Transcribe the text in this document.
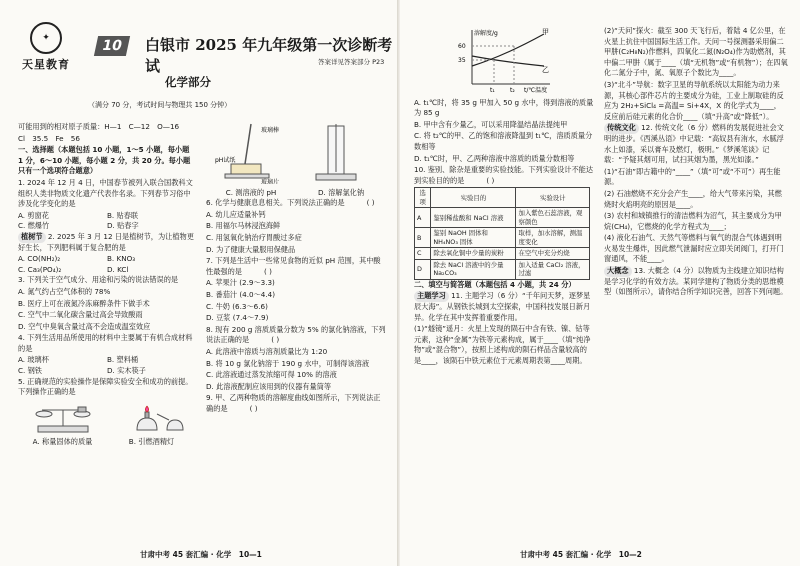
✦
天星教育
10	白银市 2025 年九年级第一次诊断考试	答案详见答案部分 P23
化学部分
（满分 70 分，考试时间与物理共 150 分钟）

可能用到的相对原子质量：H—1　C—12　O—16

Cl　35.5　Fe　56

一、选择题（本题包括 10 小题，1～5 小题，每小题 1 分，6～10 小题，每小题 2 分，共 20 分。每小题只有一个选项符合题意）

1. 2024 年 12 月 4 日，中国春节被列入联合国教科文组织人类非物质文化遗产代表作名录。下列春节习俗中涉及化学变化的是

A. 剪窗花	B. 贴春联
C. 燃爆竹	D. 贴春字

植树节 2. 2025 年 3 月 12 日是植树节，为让植物更好生长，下列肥料属于复合肥的是

A. CO(NH₂)₂	B. KNO₃
C. Ca₃(PO₄)₂	D. KCl

3. 下列关于空气成分、用途和污染的说法错误的是

A. 氮气约占空气体积的 78%

B. 医疗上可在液氮冷冻麻醉条件下做手术

C. 空气中二氧化碳含量过高会导致酸雨

D. 空气中臭氧含量过高不会造成温室效应

4. 下列生活用品所使用的材料中主要属于有机合成材料的是

A. 玻璃杯	B. 塑料桶
C. 钢铁	D. 实木筷子

5. 正确规范的实验操作是保障实验安全和成功的前提。下列操作正确的是

A. 称量固体的质量	B. 引燃酒精灯
玻璃棒
pH试纸
玻璃片
C. 测溶液的 pH	D. 溶解氯化钠

6. 化学与健康息息相关。下列说法正确的是	( )

A. 幼儿应适量补钙

B. 用福尔马林浸泡海鲜

C. 用氢氧化钠治疗胃酸过多症

D. 为了健康大量服用保健品

7. 下列是生活中一些常见食物的近似 pH 范围，其中酸性最强的是	( )

A. 苹果汁 (2.9～3.3)

B. 番茄汁 (4.0～4.4)

C. 牛奶 (6.3～6.6)

D. 豆浆 (7.4～7.9)

8. 现有 200 g 溶质质量分数为 5% 的氯化钠溶液，下列说法正确的是	( )

A. 此溶液中溶质与溶剂质量比为 1:20

B. 将 10 g 氯化钠溶于 190 g 水中，可制得该溶液

C. 此溶液通过蒸发浓缩可得 10% 的溶液

D. 此溶液配制应该用到的仪器有量筒等

9. 甲、乙两种物质的溶解度曲线如图所示，下列说法正确的是	( )

甘肃中考 45 套汇编 · 化学　10—1
溶解度/g
60
35
t₁	t₂ t/℃温度
甲
乙

A. t₁℃时，将 35 g 甲加入 50 g 水中，得到溶液的质量为 85 g

B. 甲中含有少量乙，可以采用降温结晶法提纯甲

C. 将 t₂℃的甲、乙的饱和溶液降温到 t₁℃，溶质质量分数相等

D. t₁℃时，甲、乙两种溶液中溶质的质量分数相等

10. 鉴别、除杂是重要的实验技能。下列实验设计不能达到实验目的的是	( )

选项	实验目的	实验设计
A	鉴别稀盐酸和 NaCl 溶液	加入紫色石蕊溶液，观察颜色
B	鉴别 NaOH 固体和 NH₄NO₃ 固体	取样，加水溶解，测温度变化
C	除去氧化铜中少量的炭粉	在空气中充分灼烧
D	除去 NaCl 溶液中的少量 Na₂CO₃	加入适量 CaCl₂ 溶液，过滤

二、填空与简答题（本题包括 4 小题，共 24 分）

主题学习 11. 主题学习（6 分）“千年问天梦，逐梦星辰大海”。从钢铁长城到太空探索，中国科技发展日新月异。化学在其中发挥着重要作用。

(1)“燧镜”遥月：火星上发现的陨石中含有铁、镍、钴等元素，这种“金属”为铁等元素构成，属于____（填“纯净物”或“混合物”），按照上述构成的陨石样品含量较高的是____，该陨石中铁元素位于元素周期表第____周期。

(2)“天问”探火：截至 300 天飞行后，着陆 4 亿公里，在火星上抗住中国国际生活工作。天问一号探测器采用偏二甲肼(C₂H₈N₂)作燃料，四氧化二氮(N₂O₄)作为助燃剂，其中偏二甲肼（属于____（填“无机物”或“有机物”）；在四氧化二氮分子中，氮、氧原子个数比为____。

(3)“北斗”导航：数字卫星的导航系统以太阳能为动力来源，其核心部件芯片的主要成分为硅，工业上制取硅的反应为 2H₂+SiCl₄ =高温= Si+4X，X 的化学式为____，反应前后硅元素的化合价____（填“升高”或“降低”）。

传统文化 12. 传统文化（6 分）燃料的发展促进社会文明的进步。《西溪丛语》中记载：“高奴县有洧水，水腻浮水上如漆，采以膏车及燃灯，极明。”《梦溪笔谈》记载：“予疑其烟可用，试扫其烟为墨，黑光如漆。”

(1)“石油”即古籍中的“____”（填“可”或“不可”）再生能源。

(2) 石油燃烧不充分会产生____，给大气带来污染，其燃烧时火焰明亮的原因是____。

(3) 农村和城镇推行的清洁燃料为沼气，其主要成分为甲烷(CH₄)，它燃烧的化学方程式为____；

(4) 液化石油气、天然气等燃料与氧气的混合气体遇到明火易发生爆炸，因此燃气泄漏时应立即关闭阀门，打开门窗通风，不能____。

大概念 13. 大概念（4 分）以物质为主线建立知识结构是学习化学的有效方法。某同学建构了物质分类的思维模型（如图所示），请你结合所学知识完善，回答下列问题。

甘肃中考 45 套汇编 · 化学　10—2
